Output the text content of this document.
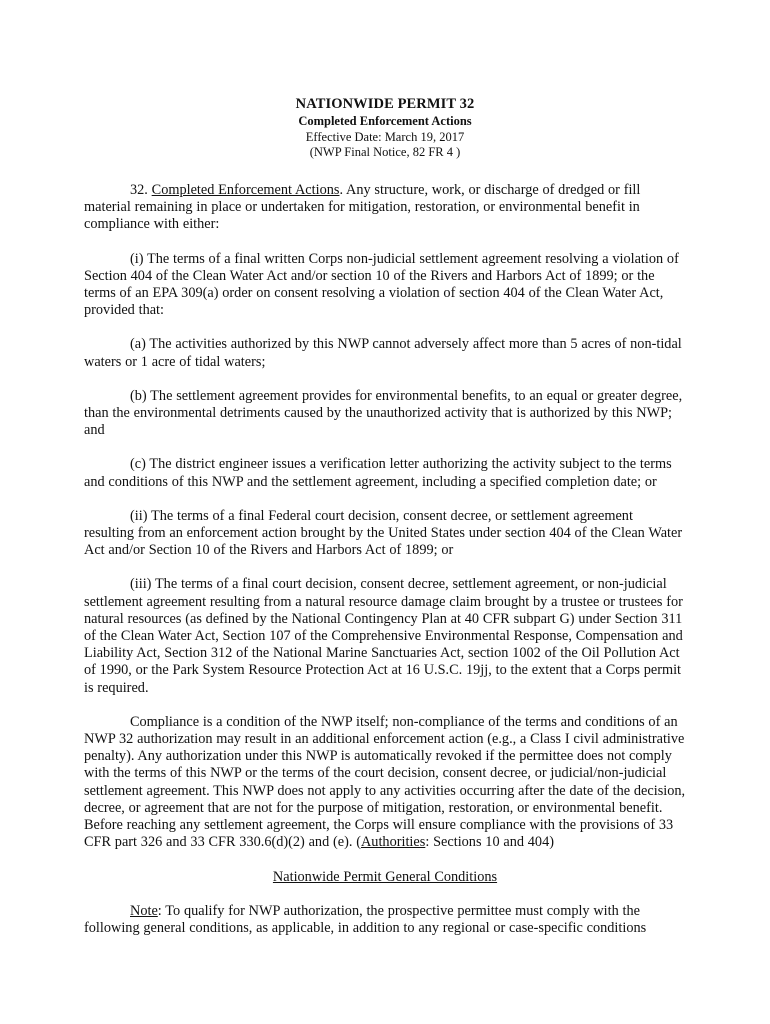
NATIONWIDE PERMIT 32
Completed Enforcement Actions
Effective Date: March 19, 2017
(NWP Final Notice, 82 FR 4 )

32. Completed Enforcement Actions. Any structure, work, or discharge of dredged or fill material remaining in place or undertaken for mitigation, restoration, or environmental benefit in compliance with either:

(i) The terms of a final written Corps non-judicial settlement agreement resolving a violation of Section 404 of the Clean Water Act and/or section 10 of the Rivers and Harbors Act of 1899; or the terms of an EPA 309(a) order on consent resolving a violation of section 404 of the Clean Water Act, provided that:

(a) The activities authorized by this NWP cannot adversely affect more than 5 acres of non-tidal waters or 1 acre of tidal waters;

(b) The settlement agreement provides for environmental benefits, to an equal or greater degree, than the environmental detriments caused by the unauthorized activity that is authorized by this NWP; and

(c) The district engineer issues a verification letter authorizing the activity subject to the terms and conditions of this NWP and the settlement agreement, including a specified completion date; or

(ii) The terms of a final Federal court decision, consent decree, or settlement agreement resulting from an enforcement action brought by the United States under section 404 of the Clean Water Act and/or Section 10 of the Rivers and Harbors Act of 1899; or

(iii) The terms of a final court decision, consent decree, settlement agreement, or non-judicial settlement agreement resulting from a natural resource damage claim brought by a trustee or trustees for natural resources (as defined by the National Contingency Plan at 40 CFR subpart G) under Section 311 of the Clean Water Act, Section 107 of the Comprehensive Environmental Response, Compensation and Liability Act, Section 312 of the National Marine Sanctuaries Act, section 1002 of the Oil Pollution Act of 1990, or the Park System Resource Protection Act at 16 U.S.C. 19jj, to the extent that a Corps permit is required.

Compliance is a condition of the NWP itself; non-compliance of the terms and conditions of an NWP 32 authorization may result in an additional enforcement action (e.g., a Class I civil administrative penalty). Any authorization under this NWP is automatically revoked if the permittee does not comply with the terms of this NWP or the terms of the court decision, consent decree, or judicial/non-judicial settlement agreement. This NWP does not apply to any activities occurring after the date of the decision, decree, or agreement that are not for the purpose of mitigation, restoration, or environmental benefit. Before reaching any settlement agreement, the Corps will ensure compliance with the provisions of 33 CFR part 326 and 33 CFR 330.6(d)(2) and (e). (Authorities: Sections 10 and 404)

Nationwide Permit General Conditions

Note: To qualify for NWP authorization, the prospective permittee must comply with the following general conditions, as applicable, in addition to any regional or case-specific conditions
